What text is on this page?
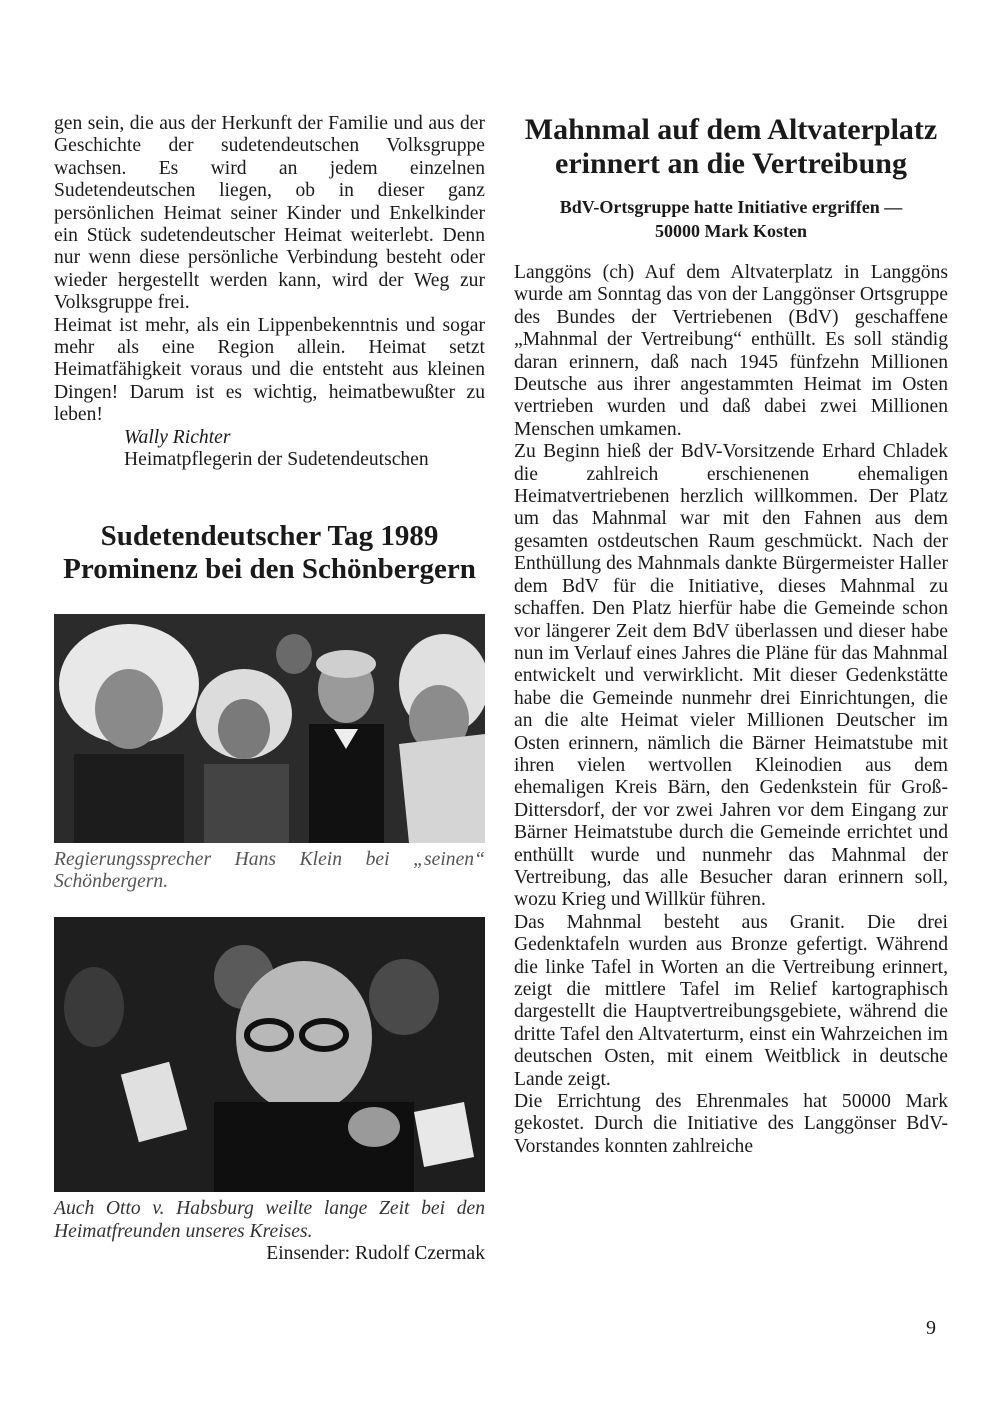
gen sein, die aus der Herkunft der Familie und aus der Geschichte der sudetendeutschen Volksgruppe wachsen. Es wird an jedem einzelnen Sudetendeutschen liegen, ob in dieser ganz persönlichen Heimat seiner Kinder und Enkelkinder ein Stück sudetendeutscher Heimat weiterlebt. Denn nur wenn diese persönliche Verbindung besteht oder wieder hergestellt werden kann, wird der Weg zur Volksgruppe frei.

Heimat ist mehr, als ein Lippenbekenntnis und sogar mehr als eine Region allein. Heimat setzt Heimatfähigkeit voraus und die entsteht aus kleinen Dingen! Darum ist es wichtig, heimatbewußter zu leben!

Wally Richter
Heimatpflegerin der Sudetendeutschen

Sudetendeutscher Tag 1989
Prominenz bei den Schönbergern

Regierungssprecher Hans Klein bei „seinen“ Schönbergern.

Auch Otto v. Habsburg weilte lange Zeit bei den Heimatfreunden unseres Kreises.

Einsender: Rudolf Czermak

Mahnmal auf dem Altvaterplatz
erinnert an die Vertreibung

BdV-Ortsgruppe hatte Initiative ergriffen —
50000 Mark Kosten

Langgöns (ch) Auf dem Altvaterplatz in Langgöns wurde am Sonntag das von der Langgönser Ortsgruppe des Bundes der Vertriebenen (BdV) geschaffene „Mahnmal der Vertreibung“ enthüllt. Es soll ständig daran erinnern, daß nach 1945 fünfzehn Millionen Deutsche aus ihrer angestammten Heimat im Osten vertrieben wurden und daß dabei zwei Millionen Menschen umkamen.

Zu Beginn hieß der BdV-Vorsitzende Erhard Chladek die zahlreich erschienenen ehemaligen Heimatvertriebenen herzlich willkommen. Der Platz um das Mahnmal war mit den Fahnen aus dem gesamten ostdeutschen Raum geschmückt. Nach der Enthüllung des Mahnmals dankte Bürgermeister Haller dem BdV für die Initiative, dieses Mahnmal zu schaffen. Den Platz hierfür habe die Gemeinde schon vor längerer Zeit dem BdV überlassen und dieser habe nun im Verlauf eines Jahres die Pläne für das Mahnmal entwickelt und verwirklicht. Mit dieser Gedenkstätte habe die Gemeinde nunmehr drei Einrichtungen, die an die alte Heimat vieler Millionen Deutscher im Osten erinnern, nämlich die Bärner Heimatstube mit ihren vielen wertvollen Kleinodien aus dem ehemaligen Kreis Bärn, den Gedenkstein für Groß-Dittersdorf, der vor zwei Jahren vor dem Eingang zur Bärner Heimatstube durch die Gemeinde errichtet und enthüllt wurde und nunmehr das Mahnmal der Vertreibung, das alle Besucher daran erinnern soll, wozu Krieg und Willkür führen.

Das Mahnmal besteht aus Granit. Die drei Gedenktafeln wurden aus Bronze gefertigt. Während die linke Tafel in Worten an die Vertreibung erinnert, zeigt die mittlere Tafel im Relief kartographisch dargestellt die Hauptvertreibungsgebiete, während die dritte Tafel den Altvaterturm, einst ein Wahrzeichen im deutschen Osten, mit einem Weitblick in deutsche Lande zeigt.

Die Errichtung des Ehrenmales hat 50000 Mark gekostet. Durch die Initiative des Langgönser BdV-Vorstandes konnten zahlreiche

9
